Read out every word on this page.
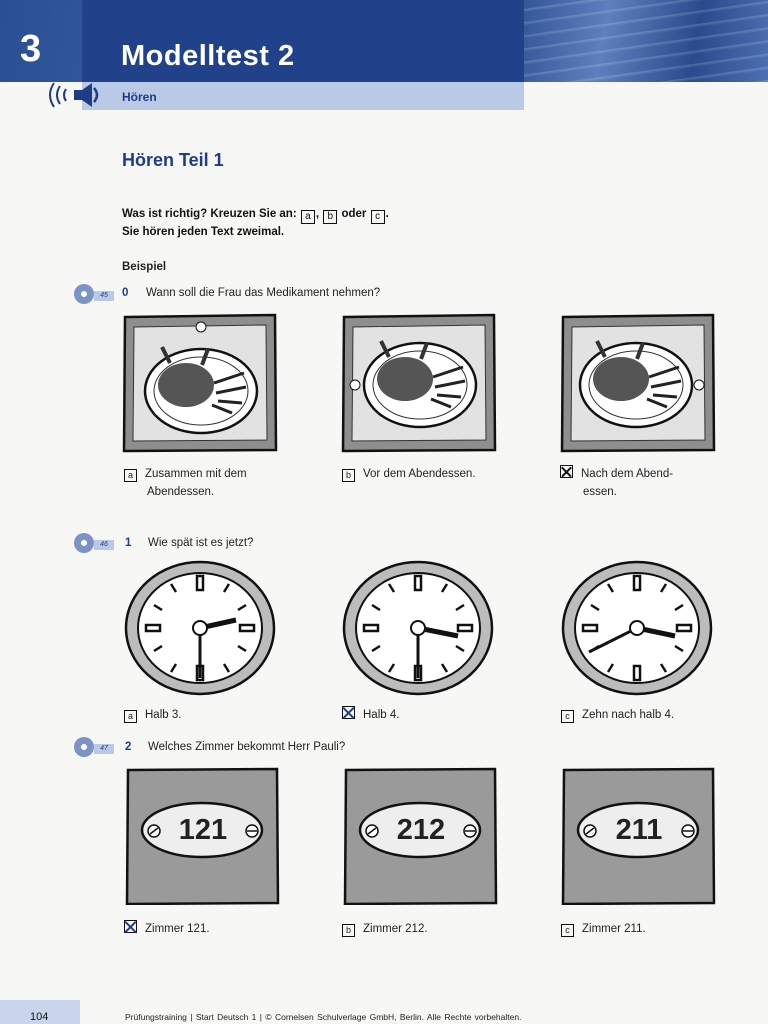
3	Modelltest 2
Hören
Hören Teil 1
Was ist richtig? Kreuzen Sie an: a , b oder c .
Sie hören jeden Text zweimal.
Beispiel
45	0 Wann soll die Frau das Medikament nehmen?
a Zusammen mit dem
Abendessen.
b Vor dem Abendessen.	Nach dem Abend-
essen.
46	1 Wie spät ist es jetzt?
a Halb 3.	Halb 4.	c Zehn nach halb 4.
47	2 Welches Zimmer bekommt Herr Pauli?
121	212	211
Zimmer 121.	b Zimmer 212.	c Zimmer 211.
104	Prüfungstraining | Start Deutsch 1 | © Cornelsen Schulverlage GmbH, Berlin. Alle Rechte vorbehalten.
